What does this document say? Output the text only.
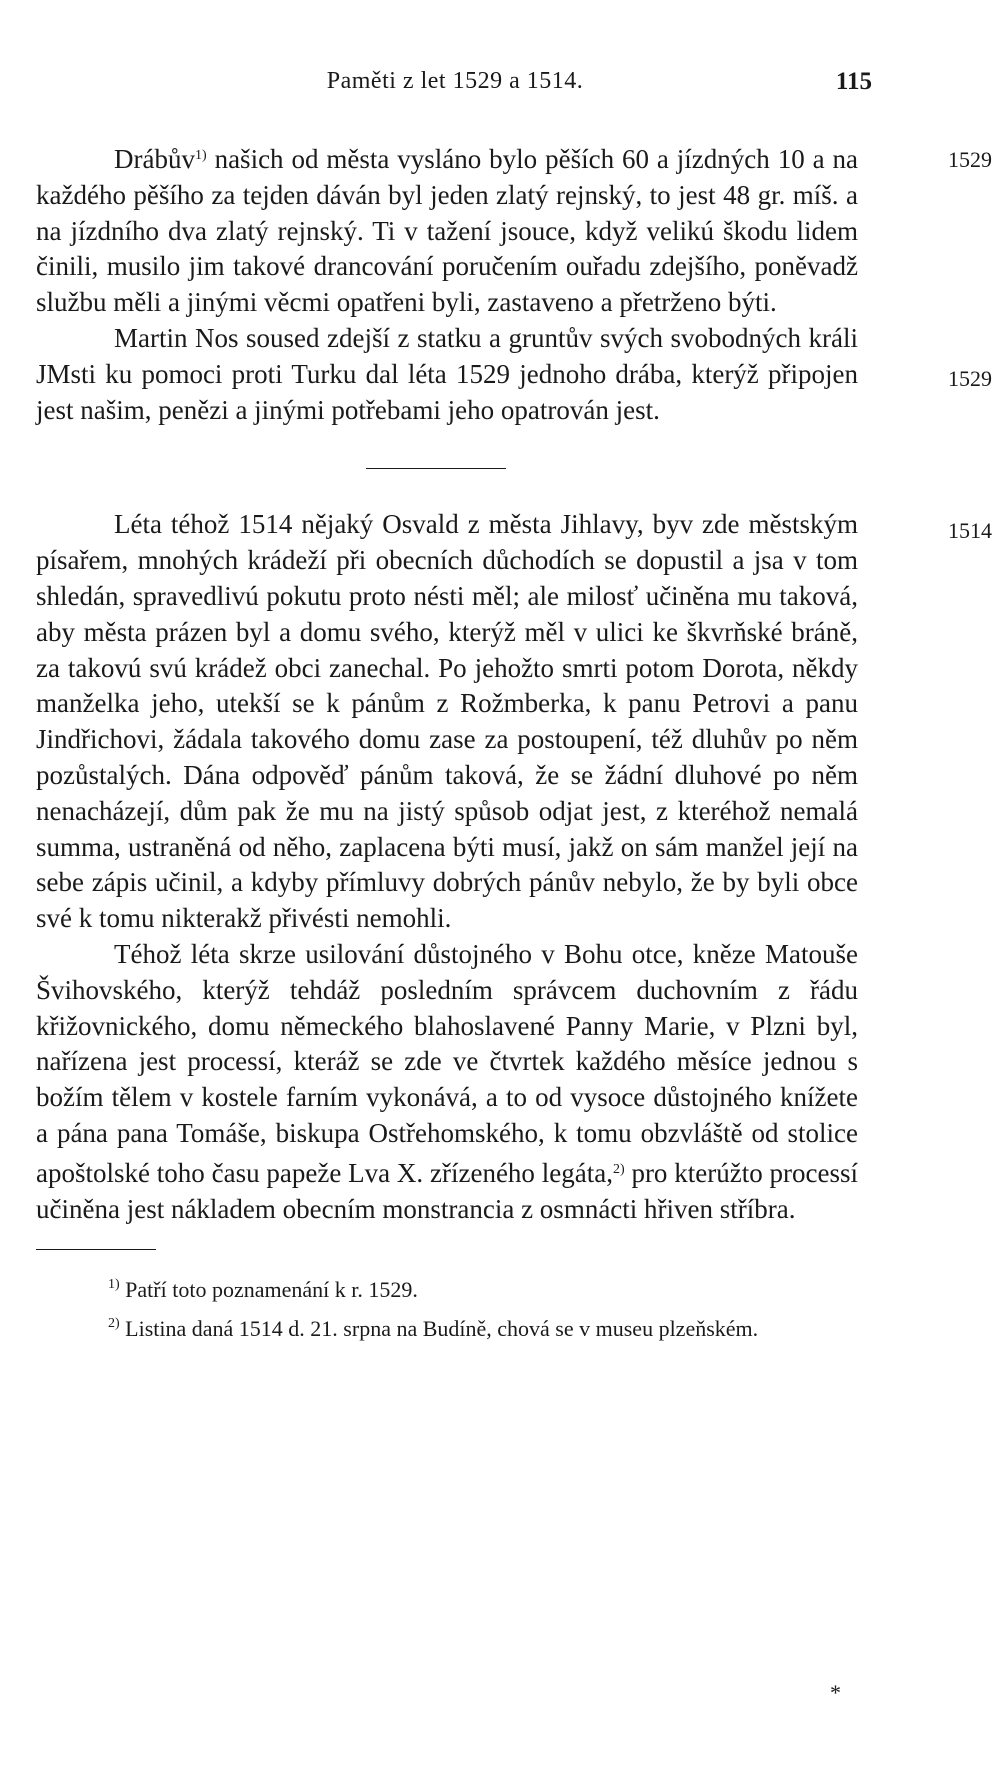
Paměti z let 1529 a 1514.	115

Drábův$^{1)}$ našich od města vysláno bylo pěších 60 a jízdných 10 a na každého pěšího za tejden dáván byl jeden zlatý rejnský, to jest 48 gr. míš. a na jízdního dva zlatý rejnský. Ti v tažení jsouce, když velikú škodu lidem činili, musilo jim takové drancování poručením ouřadu zdejšího, poněvadž službu měli a jinými věcmi opatřeni byli, zastaveno a přetrženo býti.
1529

Martin Nos soused zdejší z statku a gruntův svých svobodných králi JMsti ku pomoci proti Turku dal léta 1529 jednoho drába, kterýž připojen jest našim, penězi a jinými potřebami jeho opatrován jest.
1529

Léta téhož 1514 nějaký Osvald z města Jihlavy, byv zde městským písařem, mnohých krádeží při obecních důchodích se dopustil a jsa v tom shledán, spravedlivú pokutu proto nésti měl; ale milosť učiněna mu taková, aby města prázen byl a domu svého, kterýž měl v ulici ke škvrňské bráně, za takovú svú krádež obci zanechal. Po jehožto smrti potom Dorota, někdy manželka jeho, utekší se k pánům z Rožmberka, k panu Petrovi a panu Jindřichovi, žádala takového domu zase za postoupení, též dluhův po něm pozůstalých. Dána odpověď pánům taková, že se žádní dluhové po něm nenacházejí, dům pak že mu na jistý spůsob odjat jest, z kteréhož nemalá summa, ustraněná od něho, zaplacena býti musí, jakž on sám manžel její na sebe zápis učinil, a kdyby přímluvy dobrých pánův nebylo, že by byli obce své k tomu nikterakž přivésti nemohli.
1514

Téhož léta skrze usilování důstojného v Bohu otce, kněze Matouše Švihovského, kterýž tehdáž posledním správcem duchovním z řádu křižovnického, domu německého blahoslavené Panny Marie, v Plzni byl, nařízena jest processí, kteráž se zde ve čtvrtek každého měsíce jednou s božím tělem v kostele farním vykonává, a to od vysoce důstojného knížete a pána pana Tomáše, biskupa Ostřehomského, k tomu obzvláště od stolice apoštolské toho času papeže Lva X. zřízeného legáta,$^{2)}$ pro kterúžto processí učiněna jest nákladem obecním monstrancia z osmnácti hřiven stříbra.

$^{1)}$ Patří toto poznamenání k r. 1529.

$^{2)}$ Listina daná 1514 d. 21. srpna na Budíně, chová se v museu plzeňském.

*
